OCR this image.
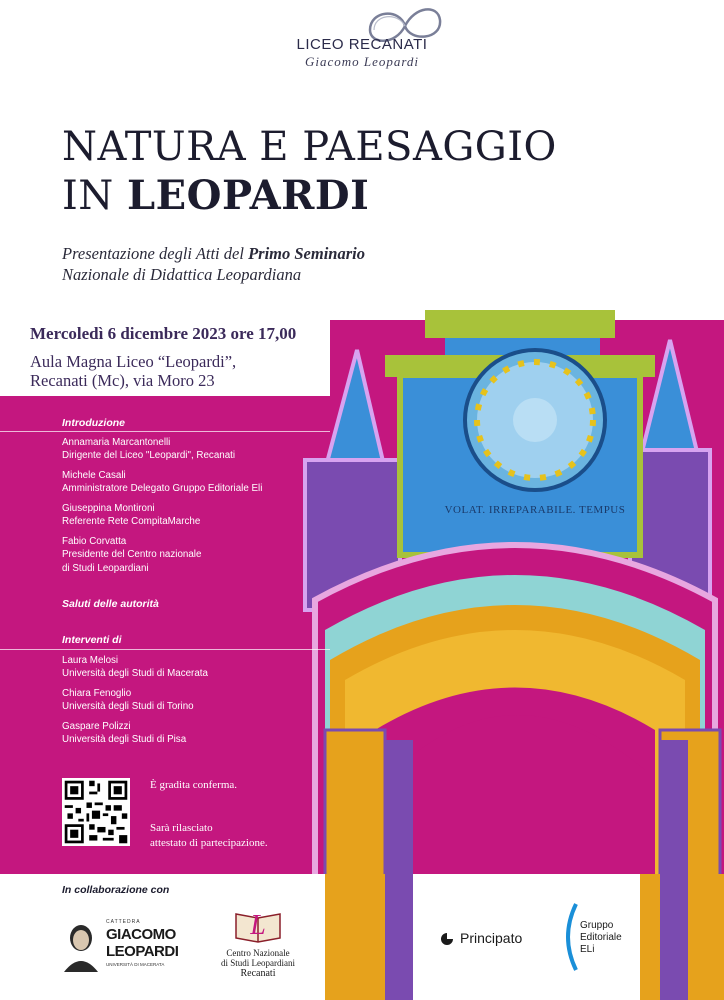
LICEO RECANATI
Giacomo Leopardi
NATURA E PAESAGGIO
IN LEOPARDI
Presentazione degli Atti del Primo Seminario
Nazionale di Didattica Leopardiana
VOLAT. IRREPARABILE. TEMPUS
Mercoledì 6 dicembre 2023 ore 17,00
Aula Magna Liceo “Leopardi”,
Recanati (Mc), via Moro 23
Introduzione
Annamaria Marcantonelli
Dirigente del Liceo "Leopardi", Recanati
Michele Casali
Amministratore Delegato Gruppo Editoriale Eli
Giuseppina Montironi
Referente Rete CompitaMarche
Fabio Corvatta
Presidente del Centro nazionale
di Studi Leopardiani
Saluti delle autorità
Interventi di
Laura Melosi
Università degli Studi di Macerata
Chiara Fenoglio
Università degli Studi di Torino
Gaspare Polizzi
Università degli Studi di Pisa
È gradita conferma.
Sarà rilasciato
attestato di partecipazione.
In collaborazione con
CATTEDRA
GIACOMO
LEOPARDI
UNIVERSITÀ DI MACERATA
L
Centro Nazionale
di Studi Leopardiani
Recanati
Principato
Gruppo
Editoriale
ELi
